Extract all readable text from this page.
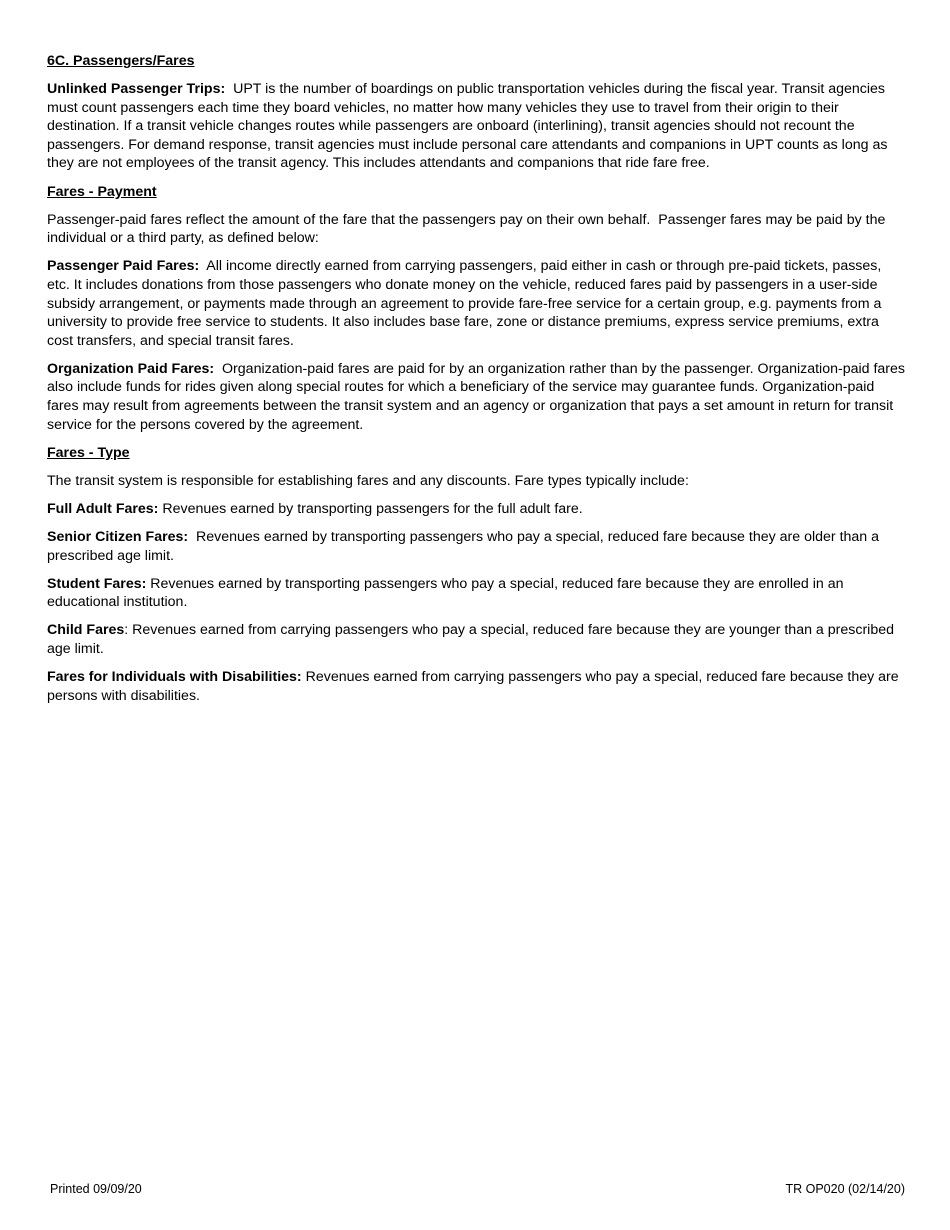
6C. Passengers/Fares

Unlinked Passenger Trips:  UPT is the number of boardings on public transportation vehicles during the fiscal year. Transit agencies must count passengers each time they board vehicles, no matter how many vehicles they use to travel from their origin to their destination. If a transit vehicle changes routes while passengers are onboard (interlining), transit agencies should not recount the passengers. For demand response, transit agencies must include personal care attendants and companions in UPT counts as long as they are not employees of the transit agency. This includes attendants and companions that ride fare free.

Fares - Payment

Passenger-paid fares reflect the amount of the fare that the passengers pay on their own behalf.  Passenger fares may be paid by the individual or a third party, as defined below:

Passenger Paid Fares:  All income directly earned from carrying passengers, paid either in cash or through pre-paid tickets, passes, etc. It includes donations from those passengers who donate money on the vehicle, reduced fares paid by passengers in a user-side subsidy arrangement, or payments made through an agreement to provide fare-free service for a certain group, e.g. payments from a university to provide free service to students. It also includes base fare, zone or distance premiums, express service premiums, extra cost transfers, and special transit fares.

Organization Paid Fares:  Organization-paid fares are paid for by an organization rather than by the passenger. Organization-paid fares also include funds for rides given along special routes for which a beneficiary of the service may guarantee funds. Organization-paid fares may result from agreements between the transit system and an agency or organization that pays a set amount in return for transit service for the persons covered by the agreement.

Fares - Type

The transit system is responsible for establishing fares and any discounts. Fare types typically include:

Full Adult Fares: Revenues earned by transporting passengers for the full adult fare.

Senior Citizen Fares:  Revenues earned by transporting passengers who pay a special, reduced fare because they are older than a prescribed age limit.

Student Fares: Revenues earned by transporting passengers who pay a special, reduced fare because they are enrolled in an educational institution.

Child Fares: Revenues earned from carrying passengers who pay a special, reduced fare because they are younger than a prescribed age limit.

Fares for Individuals with Disabilities: Revenues earned from carrying passengers who pay a special, reduced fare because they are persons with disabilities.

Printed 09/09/20	TR OP020 (02/14/20)
